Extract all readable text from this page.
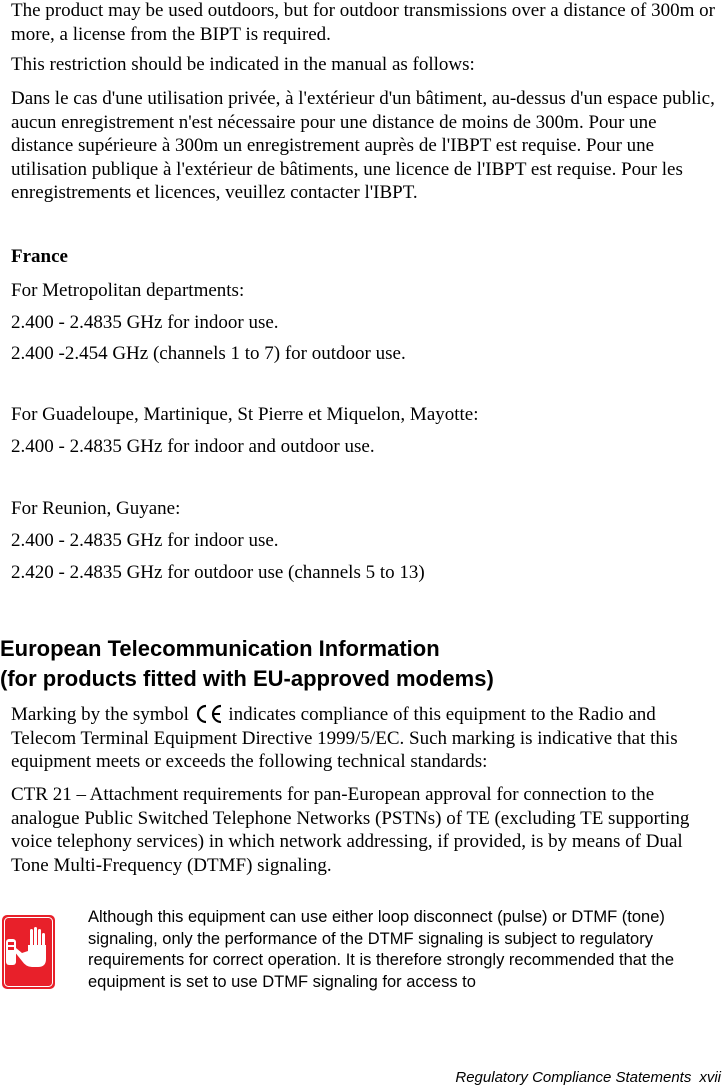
The product may be used outdoors, but for outdoor transmissions over a distance of 300m or more, a license from the BIPT is required.

This restriction should be indicated in the manual as follows:

Dans le cas d'une utilisation privée, à l'extérieur d'un bâtiment, au-dessus d'un espace public, aucun enregistrement n'est nécessaire pour une distance de moins de 300m. Pour une distance supérieure à 300m un enregistrement auprès de l'IBPT est requise. Pour une utilisation publique à l'extérieur de bâtiments, une licence de l'IBPT est requise. Pour les enregistrements et licences, veuillez contacter l'IBPT.

France

For Metropolitan departments:

2.400 - 2.4835 GHz for indoor use.

2.400 -2.454 GHz (channels 1 to 7) for outdoor use.

For Guadeloupe, Martinique, St Pierre et Miquelon, Mayotte:

2.400 - 2.4835 GHz for indoor and outdoor use.

For Reunion, Guyane:

2.400 - 2.4835 GHz for indoor use.

2.420 - 2.4835 GHz for outdoor use (channels 5 to 13)

European Telecommunication Information
(for products fitted with EU-approved modems)

Marking by the symbol indicates compliance of this equipment to the Radio and Telecom Terminal Equipment Directive 1999/5/EC. Such marking is indicative that this equipment meets or exceeds the following technical standards:

CTR 21 – Attachment requirements for pan-European approval for connection to the analogue Public Switched Telephone Networks (PSTNs) of TE (excluding TE supporting voice telephony services) in which network addressing, if provided, is by means of Dual Tone Multi-Frequency (DTMF) signaling.

Although this equipment can use either loop disconnect (pulse) or DTMF (tone) signaling, only the performance of the DTMF signaling is subject to regulatory requirements for correct operation. It is therefore strongly recommended that the equipment is set to use DTMF signaling for access to

Regulatory Compliance Statements xvii
